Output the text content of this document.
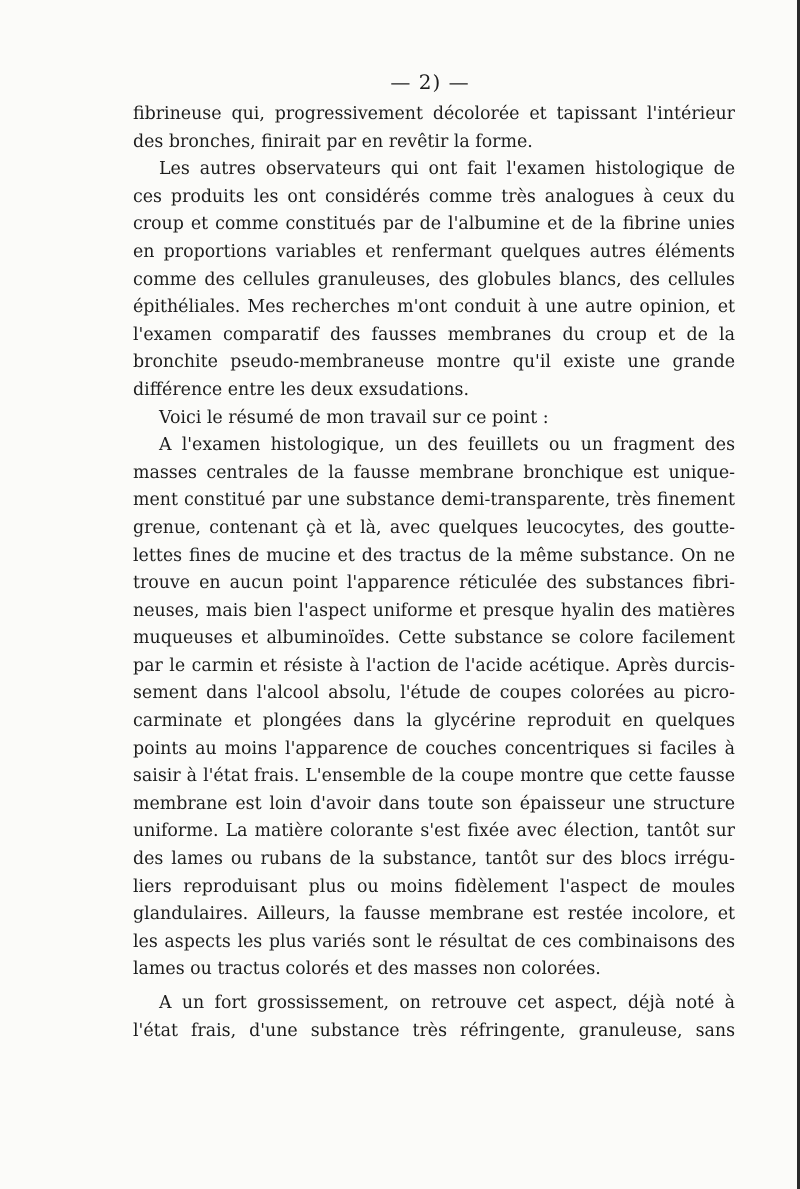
— 2) —
fibrineuse qui, progressivement décolorée et tapissant l'intérieur
des bronches, finirait par en revêtir la forme.
Les autres observateurs qui ont fait l'examen histologique de
ces produits les ont considérés comme très analogues à ceux du
croup et comme constitués par de l'albumine et de la fibrine unies
en proportions variables et renfermant quelques autres éléments
comme des cellules granuleuses, des globules blancs, des cellules
épithéliales. Mes recherches m'ont conduit à une autre opinion, et
l'examen comparatif des fausses membranes du croup et de la
bronchite pseudo-membraneuse montre qu'il existe une grande
différence entre les deux exsudations.
Voici le résumé de mon travail sur ce point :
A l'examen histologique, un des feuillets ou un fragment des
masses centrales de la fausse membrane bronchique est unique-
ment constitué par une substance demi-transparente, très finement
grenue, contenant çà et là, avec quelques leucocytes, des goutte-
lettes fines de mucine et des tractus de la même substance. On ne
trouve en aucun point l'apparence réticulée des substances fibri-
neuses, mais bien l'aspect uniforme et presque hyalin des matières
muqueuses et albuminoïdes. Cette substance se colore facilement
par le carmin et résiste à l'action de l'acide acétique. Après durcis-
sement dans l'alcool absolu, l'étude de coupes colorées au picro-
carminate et plongées dans la glycérine reproduit en quelques
points au moins l'apparence de couches concentriques si faciles à
saisir à l'état frais. L'ensemble de la coupe montre que cette fausse
membrane est loin d'avoir dans toute son épaisseur une structure
uniforme. La matière colorante s'est fixée avec élection, tantôt sur
des lames ou rubans de la substance, tantôt sur des blocs irrégu-
liers reproduisant plus ou moins fidèlement l'aspect de moules
glandulaires. Ailleurs, la fausse membrane est restée incolore, et
les aspects les plus variés sont le résultat de ces combinaisons des
lames ou tractus colorés et des masses non colorées.
A un fort grossissement, on retrouve cet aspect, déjà noté à
l'état frais, d'une substance très réfringente, granuleuse, sans
